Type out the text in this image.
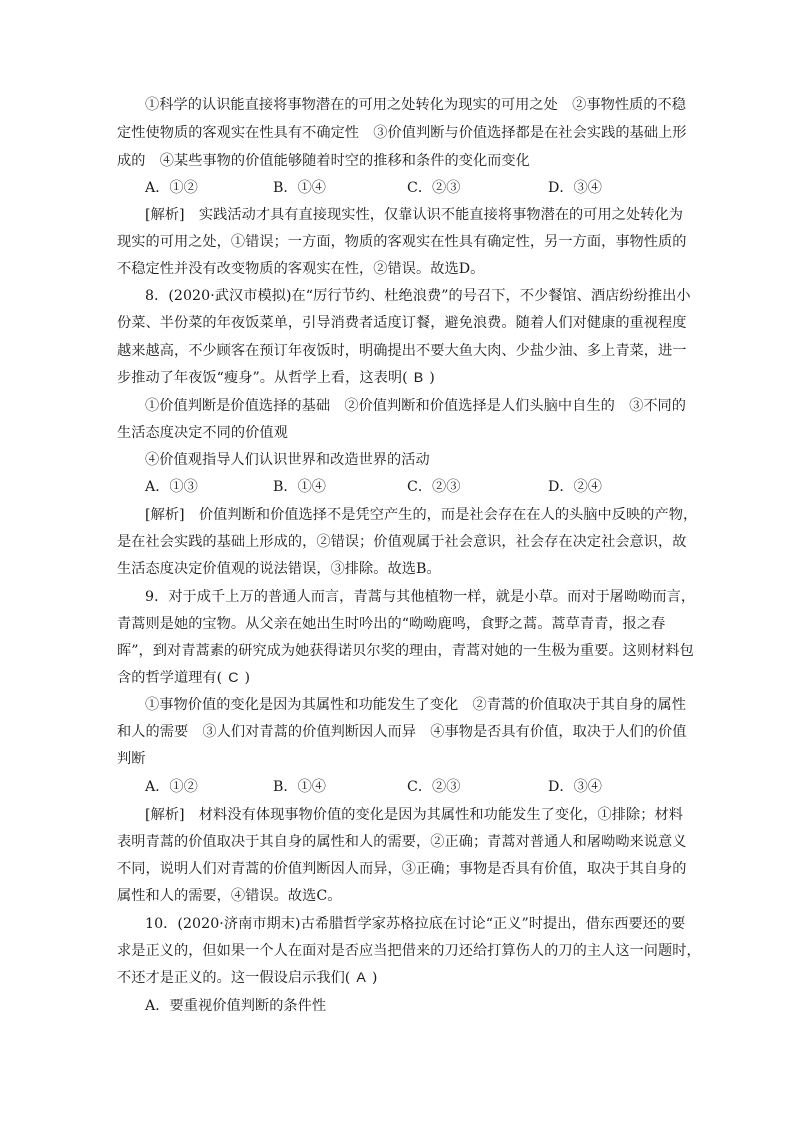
①科学的认识能直接将事物潜在的可用之处转化为现实的可用之处　②事物性质的不稳
定性使物质的客观实在性具有不确定性　③价值判断与价值选择都是在社会实践的基础上形
成的　④某些事物的价值能够随着时空的推移和条件的变化而变化
A．①②	B．①④	C．②③	D．③④
[解析]　实践活动才具有直接现实性，仅靠认识不能直接将事物潜在的可用之处转化为
现实的可用之处，①错误；一方面，物质的客观实在性具有确定性，另一方面，事物性质的
不稳定性并没有改变物质的客观实在性，②错误。故选D。
8．(2020·武汉市模拟)在“厉行节约、杜绝浪费”的号召下，不少餐馆、酒店纷纷推出小
份菜、半份菜的年夜饭菜单，引导消费者适度订餐，避免浪费。随着人们对健康的重视程度
越来越高，不少顾客在预订年夜饭时，明确提出不要大鱼大肉、少盐少油、多上青菜，进一
步推动了年夜饭“瘦身”。从哲学上看，这表明( B )
①价值判断是价值选择的基础　②价值判断和价值选择是人们头脑中自生的　③不同的
生活态度决定不同的价值观
④价值观指导人们认识世界和改造世界的活动
A．①③	B．①④	C．②③	D．②④
[解析]　价值判断和价值选择不是凭空产生的，而是社会存在在人的头脑中反映的产物，
是在社会实践的基础上形成的，②错误；价值观属于社会意识，社会存在决定社会意识，故
生活态度决定价值观的说法错误，③排除。故选B。
9．对于成千上万的普通人而言，青蒿与其他植物一样，就是小草。而对于屠呦呦而言，
青蒿则是她的宝物。从父亲在她出生时吟出的“呦呦鹿鸣，食野之蒿。蒿草青青，报之春
晖”，到对青蒿素的研究成为她获得诺贝尔奖的理由，青蒿对她的一生极为重要。这则材料包
含的哲学道理有( C )
①事物价值的变化是因为其属性和功能发生了变化　②青蒿的价值取决于其自身的属性
和人的需要　③人们对青蒿的价值判断因人而异　④事物是否具有价值，取决于人们的价值
判断
A．①②	B．①④	C．②③	D．③④
[解析]　材料没有体现事物价值的变化是因为其属性和功能发生了变化，①排除；材料
表明青蒿的价值取决于其自身的属性和人的需要，②正确；青蒿对普通人和屠呦呦来说意义
不同，说明人们对青蒿的价值判断因人而异，③正确；事物是否具有价值，取决于其自身的
属性和人的需要，④错误。故选C。
10．(2020·济南市期末)古希腊哲学家苏格拉底在讨论“正义”时提出，借东西要还的要
求是正义的，但如果一个人在面对是否应当把借来的刀还给打算伤人的刀的主人这一问题时，
不还才是正义的。这一假设启示我们( A )
A．要重视价值判断的条件性
